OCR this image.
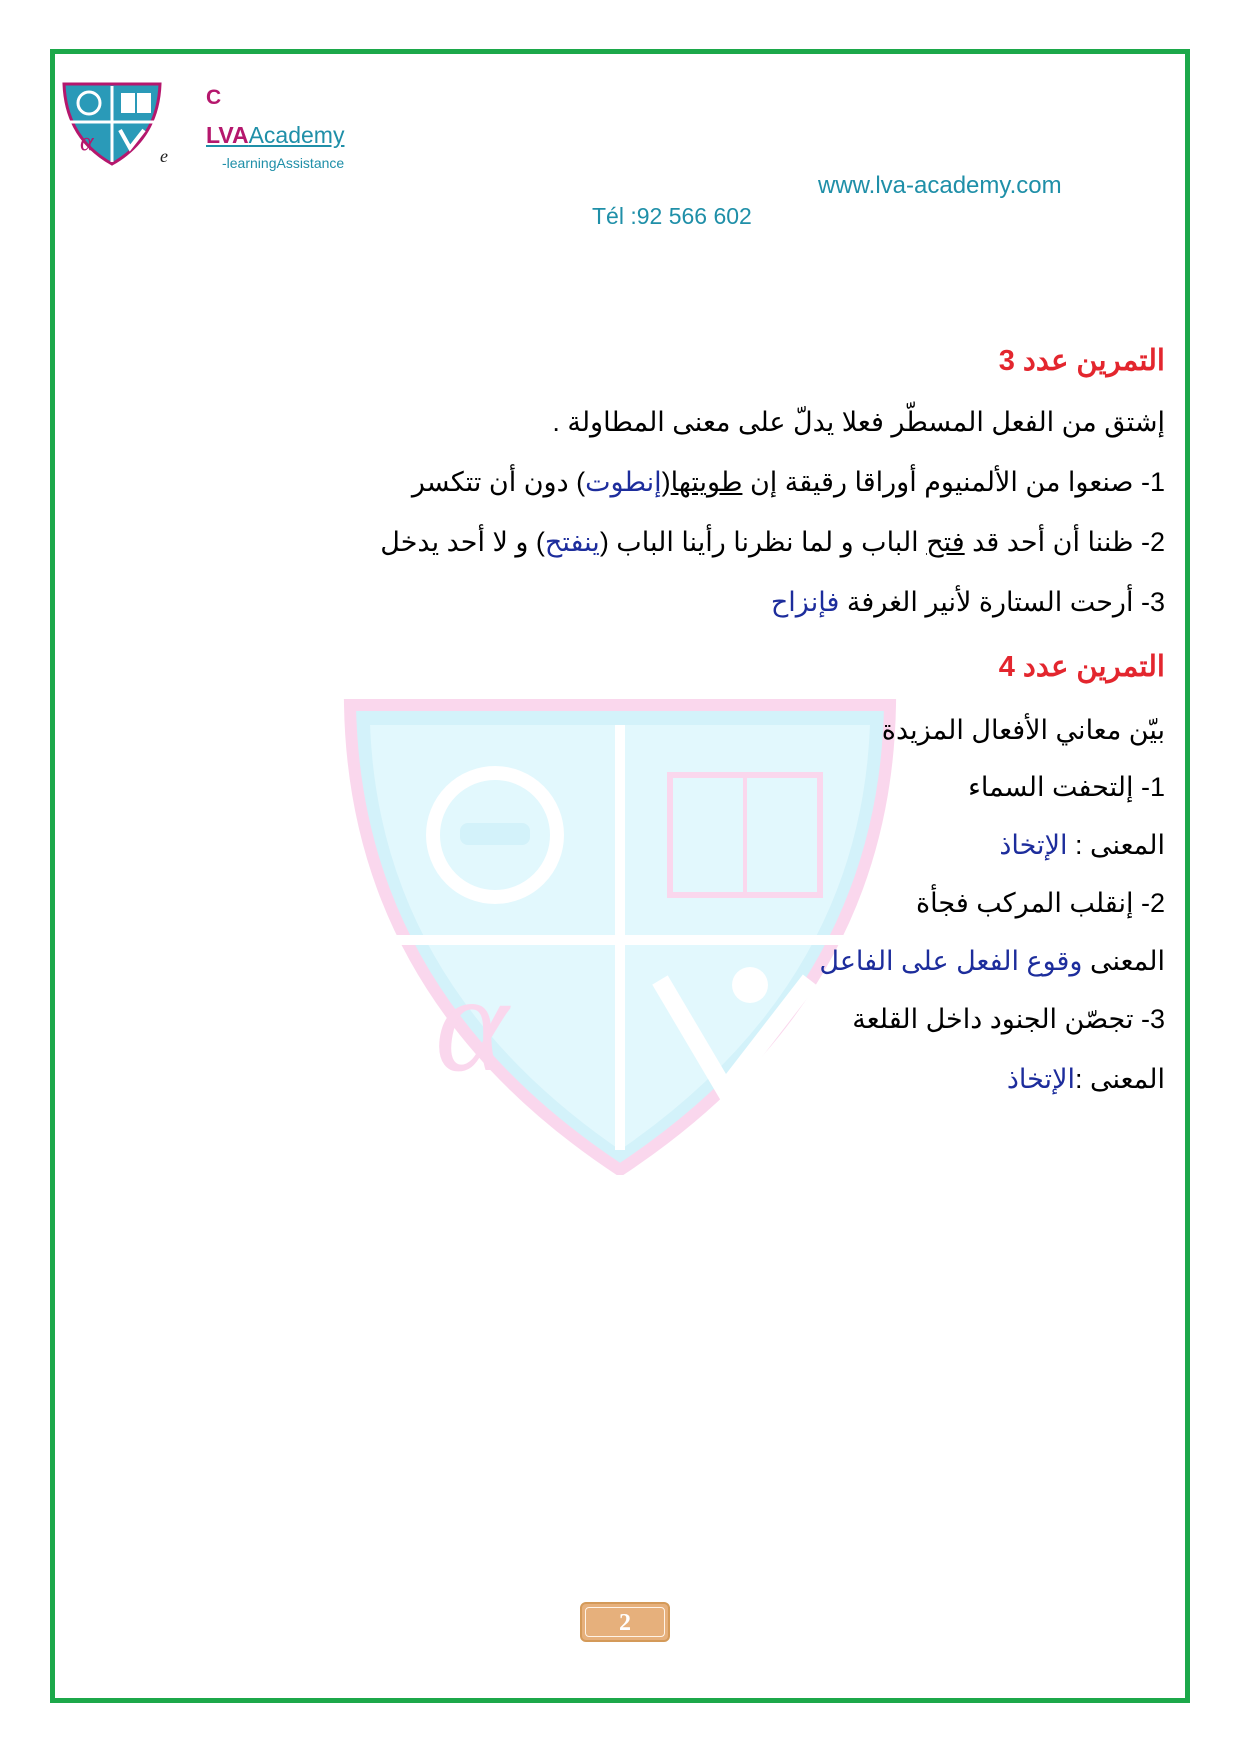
α	e
C
LVAAcademy
-learningAssistance
www.lva-academy.com
Tél :92 566 602
α
التمرين عدد 3
إشتق من الفعل المسطّر فعلا يدلّ على معنى المطاولة .
1- صنعوا من الألمنيوم أوراقا رقيقة إن طويتها(إنطوت) دون أن تتكسر
2- ظننا أن أحد قد فتح الباب و لما نظرنا رأينا الباب (ينفتح) و لا أحد يدخل
3- أرحت الستارة لأنير الغرفة فإنزاح
التمرين عدد 4
بيّن معاني الأفعال المزيدة
1- إلتحفت السماء
المعنى : الإتخاذ
2- إنقلب المركب فجأة
المعنى وقوع الفعل على الفاعل
3- تجصّن الجنود داخل القلعة
المعنى :الإتخاذ
2
